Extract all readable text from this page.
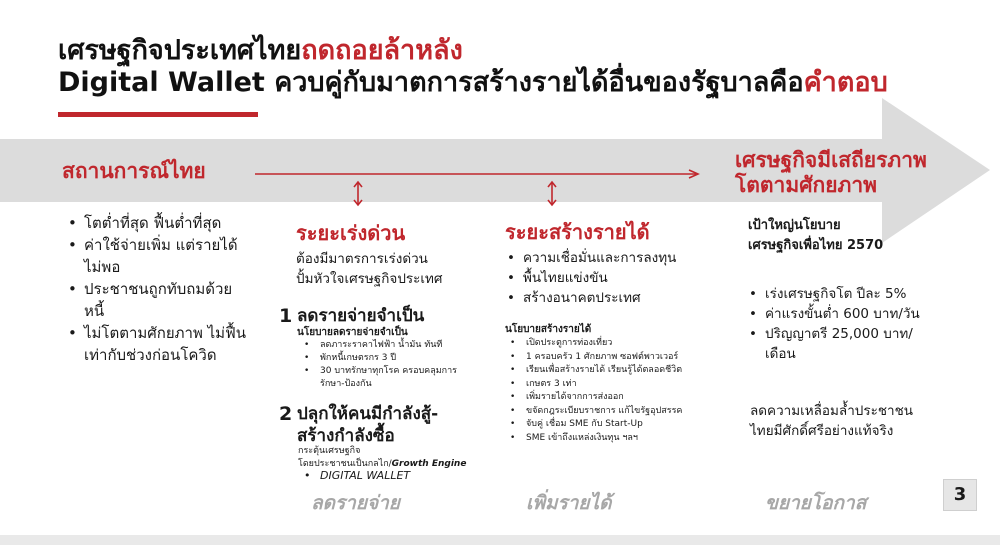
เศรษฐกิจประเทศไทยถดถอยล้าหลัง
Digital Wallet ควบคู่กับมาตการสร้างรายได้อื่นของรัฐบาลคือคำตอบ
สถานการณ์ไทย	เศรษฐกิจมีเสถียรภาพ
โตตามศักยภาพ
• โตต่ำที่สุด ฟื้นต่ำที่สุด
• ค่าใช้จ่ายเพิ่ม แต่รายได้ไม่พอ
• ประชาชนถูกทับถมด้วยหนี้
• ไม่โตตามศักยภาพ ไม่ฟื้นเท่ากับช่วงก่อนโควิด
ระยะเร่งด่วน
ต้องมีมาตรการเร่งด่วน
ปั้มหัวใจเศรษฐกิจประเทศ
1 ลดรายจ่ายจำเป็น
นโยบายลดรายจ่ายจำเป็น
• ลดภาระราคาไฟฟ้า น้ำมัน ทันที
• พักหนี้เกษตรกร 3 ปี
• 30 บาทรักษาทุกโรค ครอบคลุมการรักษา-ป้องกัน
2 ปลุกให้คนมีกำลังสู้-
สร้างกำลังซื้อ
กระตุ้นเศรษฐกิจ
โดยประชาชนเป็นกลไก/Growth Engine
• DIGITAL WALLET
ระยะสร้างรายได้
• ความเชื่อมั่นและการลงทุน
• พื้นไทยแข่งขัน
• สร้างอนาคตประเทศ
นโยบายสร้างรายได้
• เปิดประตูการท่องเที่ยว
• 1 ครอบครัว 1 ศักยภาพ ซอฟต์พาวเวอร์
• เรียนเพื่อสร้างรายได้ เรียนรู้ได้ตลอดชีวิต
• เกษตร 3 เท่า
• เพิ่มรายได้จากการส่งออก
• ขจัดกฎระเบียบราชการ แก้ไขรัฐอุปสรรค
• จับคู่ เชื่อม SME กับ Start-Up
• SME เข้าถึงแหล่งเงินทุน ฯลฯ
เป้าใหญ่นโยบาย
เศรษฐกิจเพื่อไทย 2570
• เร่งเศรษฐกิจโต ปีละ 5%
• ค่าแรงขั้นต่ำ 600 บาท/วัน
• ปริญญาตรี 25,000 บาท/เดือน
ลดความเหลื่อมล้ำประชาชน
ไทยมีศักดิ์ศรีอย่างแท้จริง
ลดรายจ่าย	เพิ่มรายได้	ขยายโอกาส	3
